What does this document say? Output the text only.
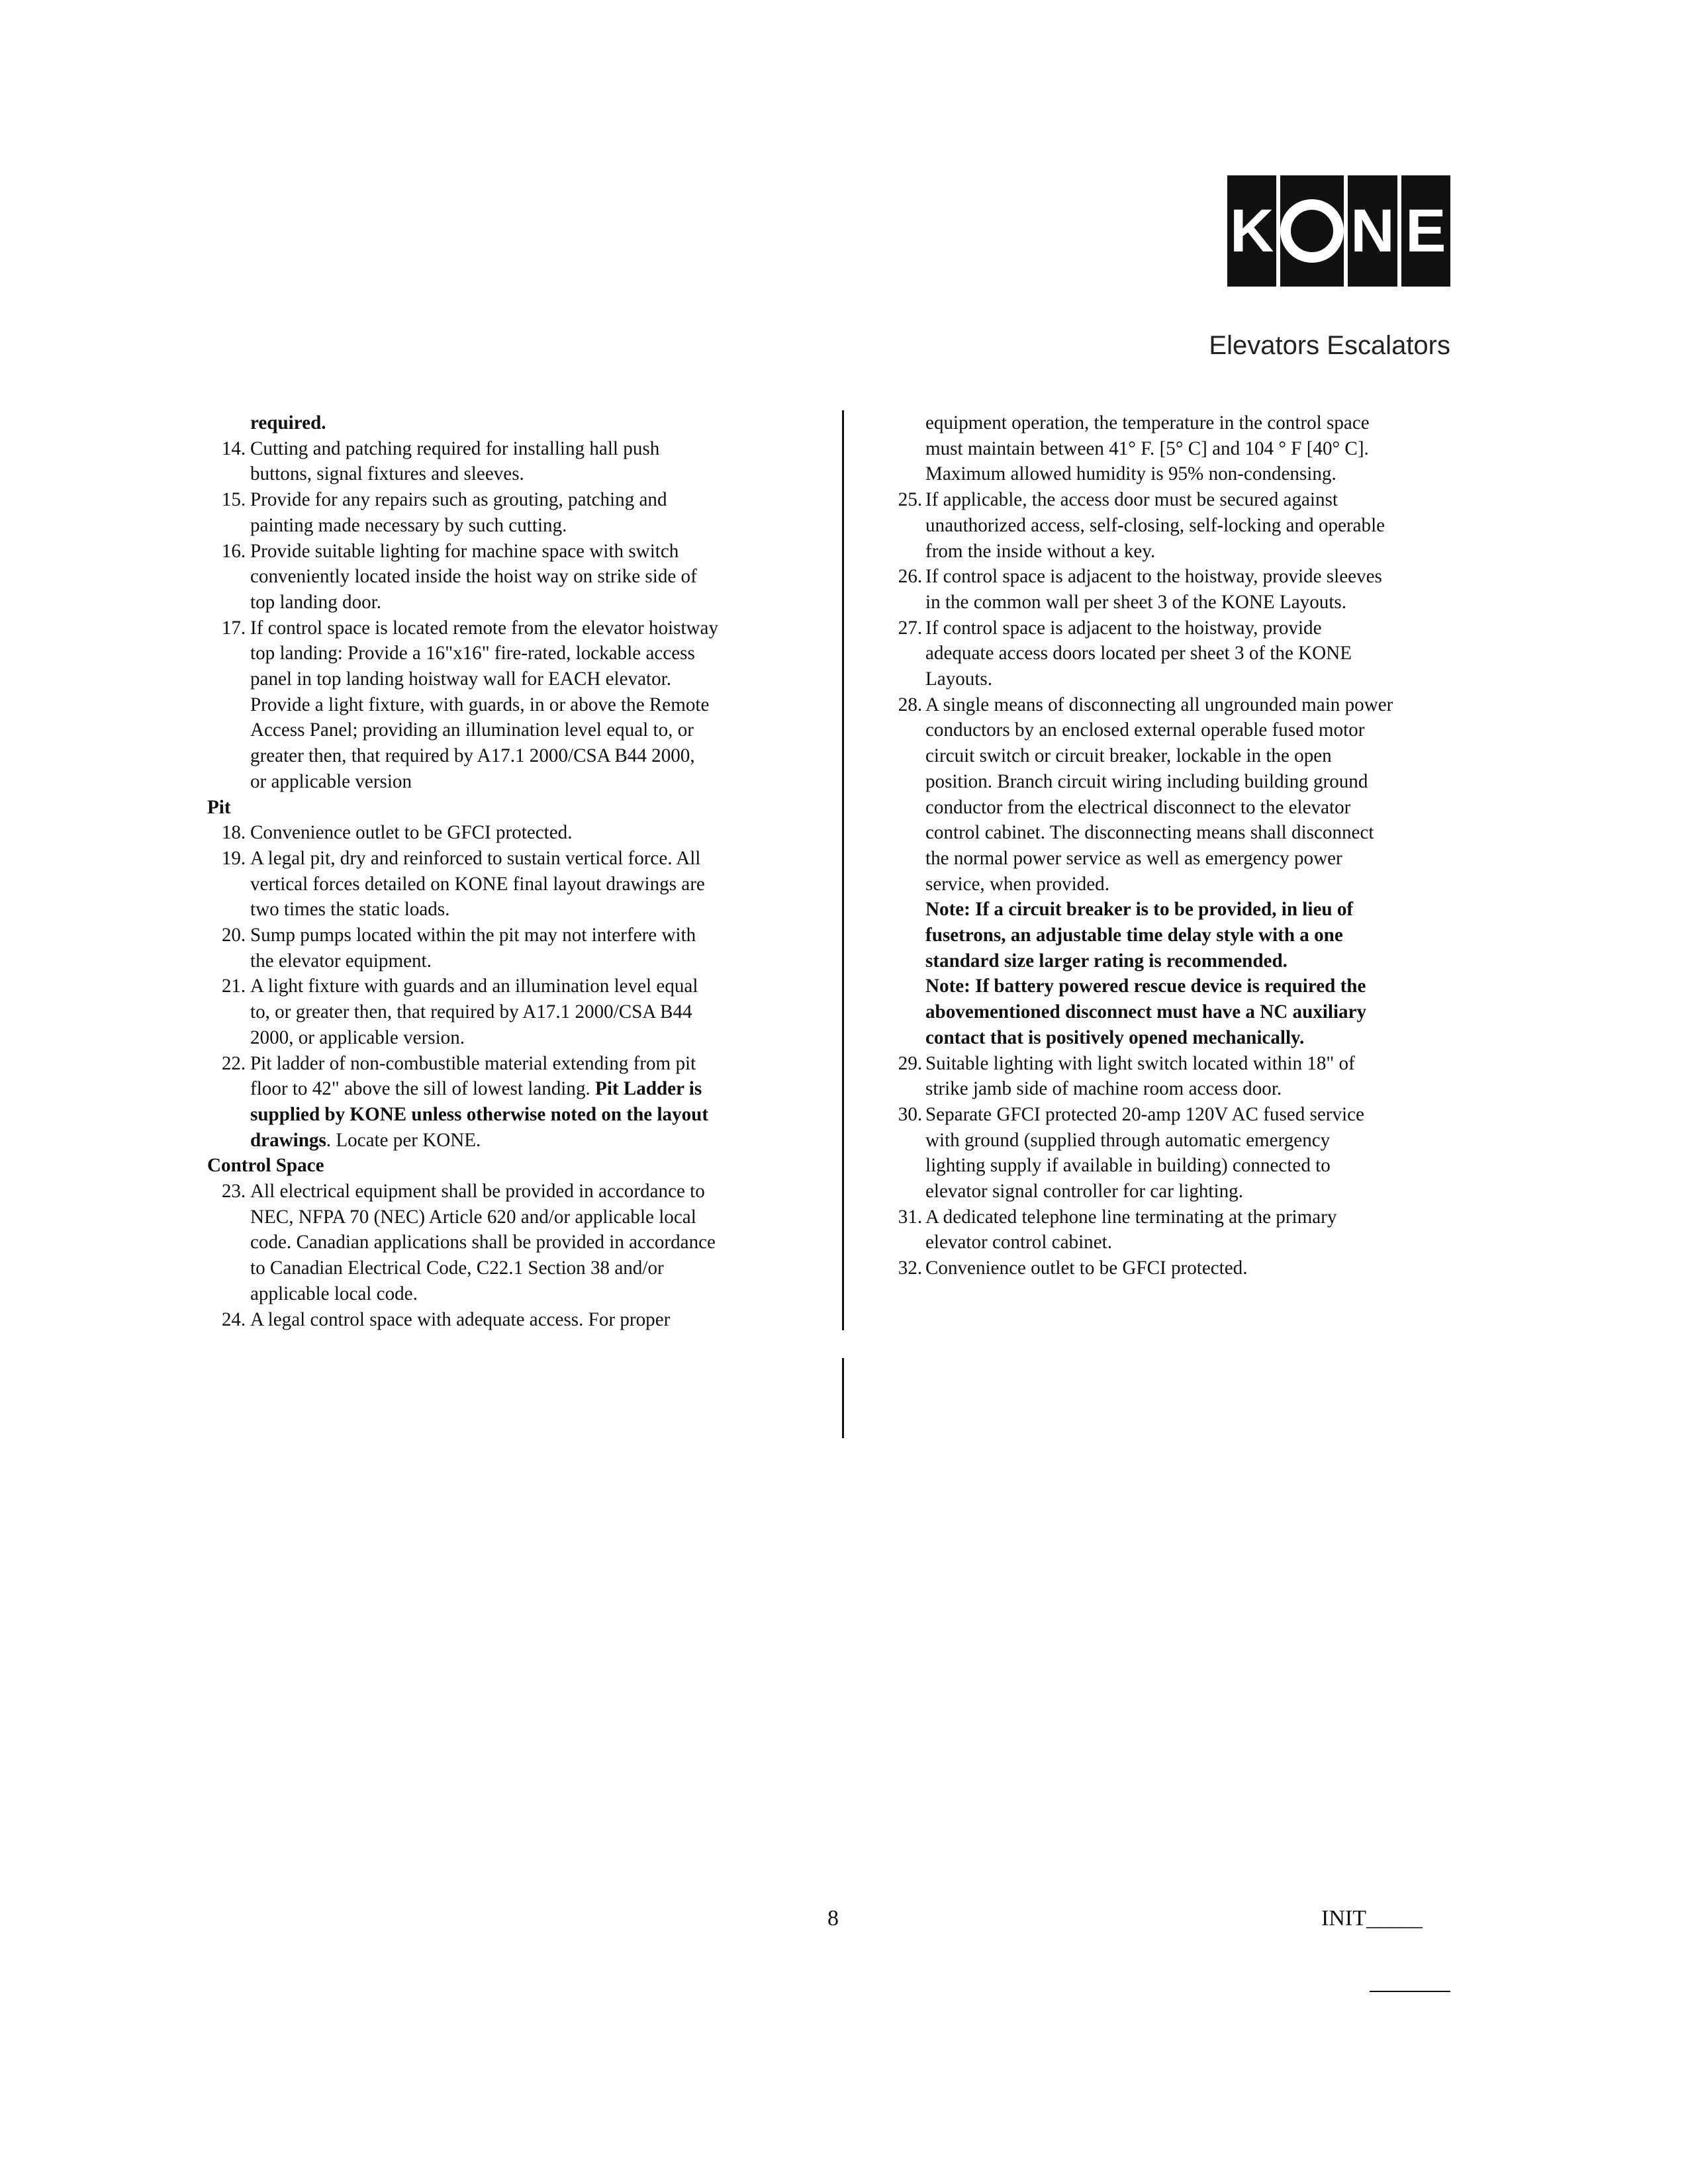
K N E
Elevators Escalators
required.
14. Cutting and patching required for installing hall push
buttons, signal fixtures and sleeves.
15. Provide for any repairs such as grouting, patching and
painting made necessary by such cutting.
16. Provide suitable lighting for machine space with switch
conveniently located inside the hoist way on strike side of
top landing door.
17. If control space is located remote from the elevator hoistway
top landing: Provide a 16"x16" fire-rated, lockable access
panel in top landing hoistway wall for EACH elevator.
Provide a light fixture, with guards, in or above the Remote
Access Panel; providing an illumination level equal to, or
greater then, that required by A17.1 2000/CSA B44 2000,
or applicable version
Pit
18. Convenience outlet to be GFCI protected.
19. A legal pit, dry and reinforced to sustain vertical force. All
vertical forces detailed on KONE final layout drawings are
two times the static loads.
20. Sump pumps located within the pit may not interfere with
the elevator equipment.
21. A light fixture with guards and an illumination level equal
to, or greater then, that required by A17.1 2000/CSA B44
2000, or applicable version.
22. Pit ladder of non-combustible material extending from pit
floor to 42" above the sill of lowest landing. Pit Ladder is
supplied by KONE unless otherwise noted on the layout
drawings. Locate per KONE.
Control Space
23. All electrical equipment shall be provided in accordance to
NEC, NFPA 70 (NEC) Article 620 and/or applicable local
code. Canadian applications shall be provided in accordance
to Canadian Electrical Code, C22.1 Section 38 and/or
applicable local code.
24. A legal control space with adequate access. For proper
equipment operation, the temperature in the control space
must maintain between 41° F. [5° C] and 104 ° F [40° C].
Maximum allowed humidity is 95% non-condensing.
25. If applicable, the access door must be secured against
unauthorized access, self-closing, self-locking and operable
from the inside without a key.
26. If control space is adjacent to the hoistway, provide sleeves
in the common wall per sheet 3 of the KONE Layouts.
27. If control space is adjacent to the hoistway, provide
adequate access doors located per sheet 3 of the KONE
Layouts.
28. A single means of disconnecting all ungrounded main power
conductors by an enclosed external operable fused motor
circuit switch or circuit breaker, lockable in the open
position. Branch circuit wiring including building ground
conductor from the electrical disconnect to the elevator
control cabinet. The disconnecting means shall disconnect
the normal power service as well as emergency power
service, when provided.
Note: If a circuit breaker is to be provided, in lieu of
fusetrons, an adjustable time delay style with a one
standard size larger rating is recommended.
Note: If battery powered rescue device is required the
abovementioned disconnect must have a NC auxiliary
contact that is positively opened mechanically.
29. Suitable lighting with light switch located within 18" of
strike jamb side of machine room access door.
30. Separate GFCI protected 20-amp 120V AC fused service
with ground (supplied through automatic emergency
lighting supply if available in building) connected to
elevator signal controller for car lighting.
31. A dedicated telephone line terminating at the primary
elevator control cabinet.
32. Convenience outlet to be GFCI protected.
8	INIT_____
